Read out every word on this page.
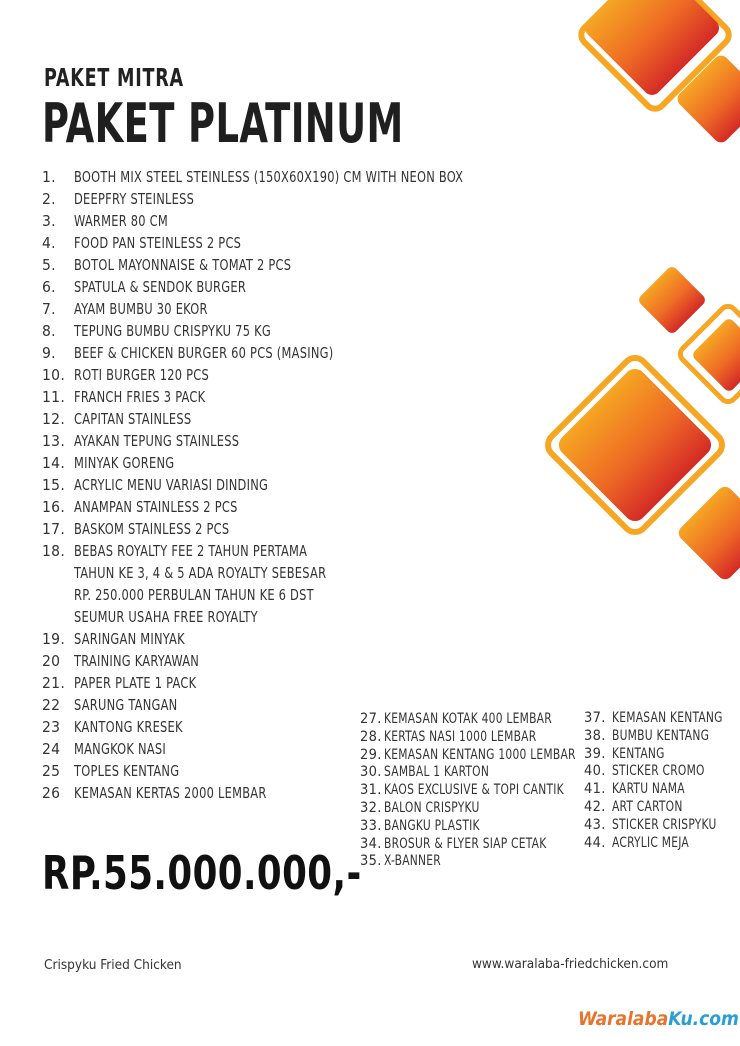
PAKET MITRA
PAKET PLATINUM
1.	BOOTH MIX STEEL STEINLESS (150X60X190) CM WITH NEON BOX
2.	DEEPFRY STEINLESS
3.	WARMER 80 CM
4.	FOOD PAN STEINLESS 2 PCS
5.	BOTOL MAYONNAISE & TOMAT 2 PCS
6.	SPATULA & SENDOK BURGER
7.	AYAM BUMBU 30 EKOR
8.	TEPUNG BUMBU CRISPYKU 75 KG
9.	BEEF & CHICKEN BURGER 60 PCS (MASING)
10. ROTI BURGER 120 PCS
11. FRANCH FRIES 3 PACK
12. CAPITAN STAINLESS
13. AYAKAN TEPUNG STAINLESS
14. MINYAK GORENG
15. ACRYLIC MENU VARIASI DINDING
16. ANAMPAN STAINLESS 2 PCS
17. BASKOM STAINLESS 2 PCS
18. BEBAS ROYALTY FEE 2 TAHUN PERTAMA
TAHUN KE 3, 4 & 5 ADA ROYALTY SEBESAR
RP. 250.000 PERBULAN TAHUN KE 6 DST
SEUMUR USAHA FREE ROYALTY
19. SARINGAN MINYAK
20 TRAINING KARYAWAN
21. PAPER PLATE 1 PACK
22 SARUNG TANGAN
23 KANTONG KRESEK
24 MANGKOK NASI
25 TOPLES KENTANG
26 KEMASAN KERTAS 2000 LEMBAR
27. KEMASAN KOTAK 400 LEMBAR
28. KERTAS NASI 1000 LEMBAR
29. KEMASAN KENTANG 1000 LEMBAR
30. SAMBAL 1 KARTON
31. KAOS EXCLUSIVE & TOPI CANTIK
32. BALON CRISPYKU
33. BANGKU PLASTIK
34. BROSUR & FLYER SIAP CETAK
35. X-BANNER
37. KEMASAN KENTANG
38. BUMBU KENTANG
39. KENTANG
40. STICKER CROMO
41. KARTU NAMA
42. ART CARTON
43. STICKER CRISPYKU
44. ACRYLIC MEJA
RP.55.000.000,-
Crispyku Fried Chicken	www.waralaba-friedchicken.com
WaralabaKu.com
